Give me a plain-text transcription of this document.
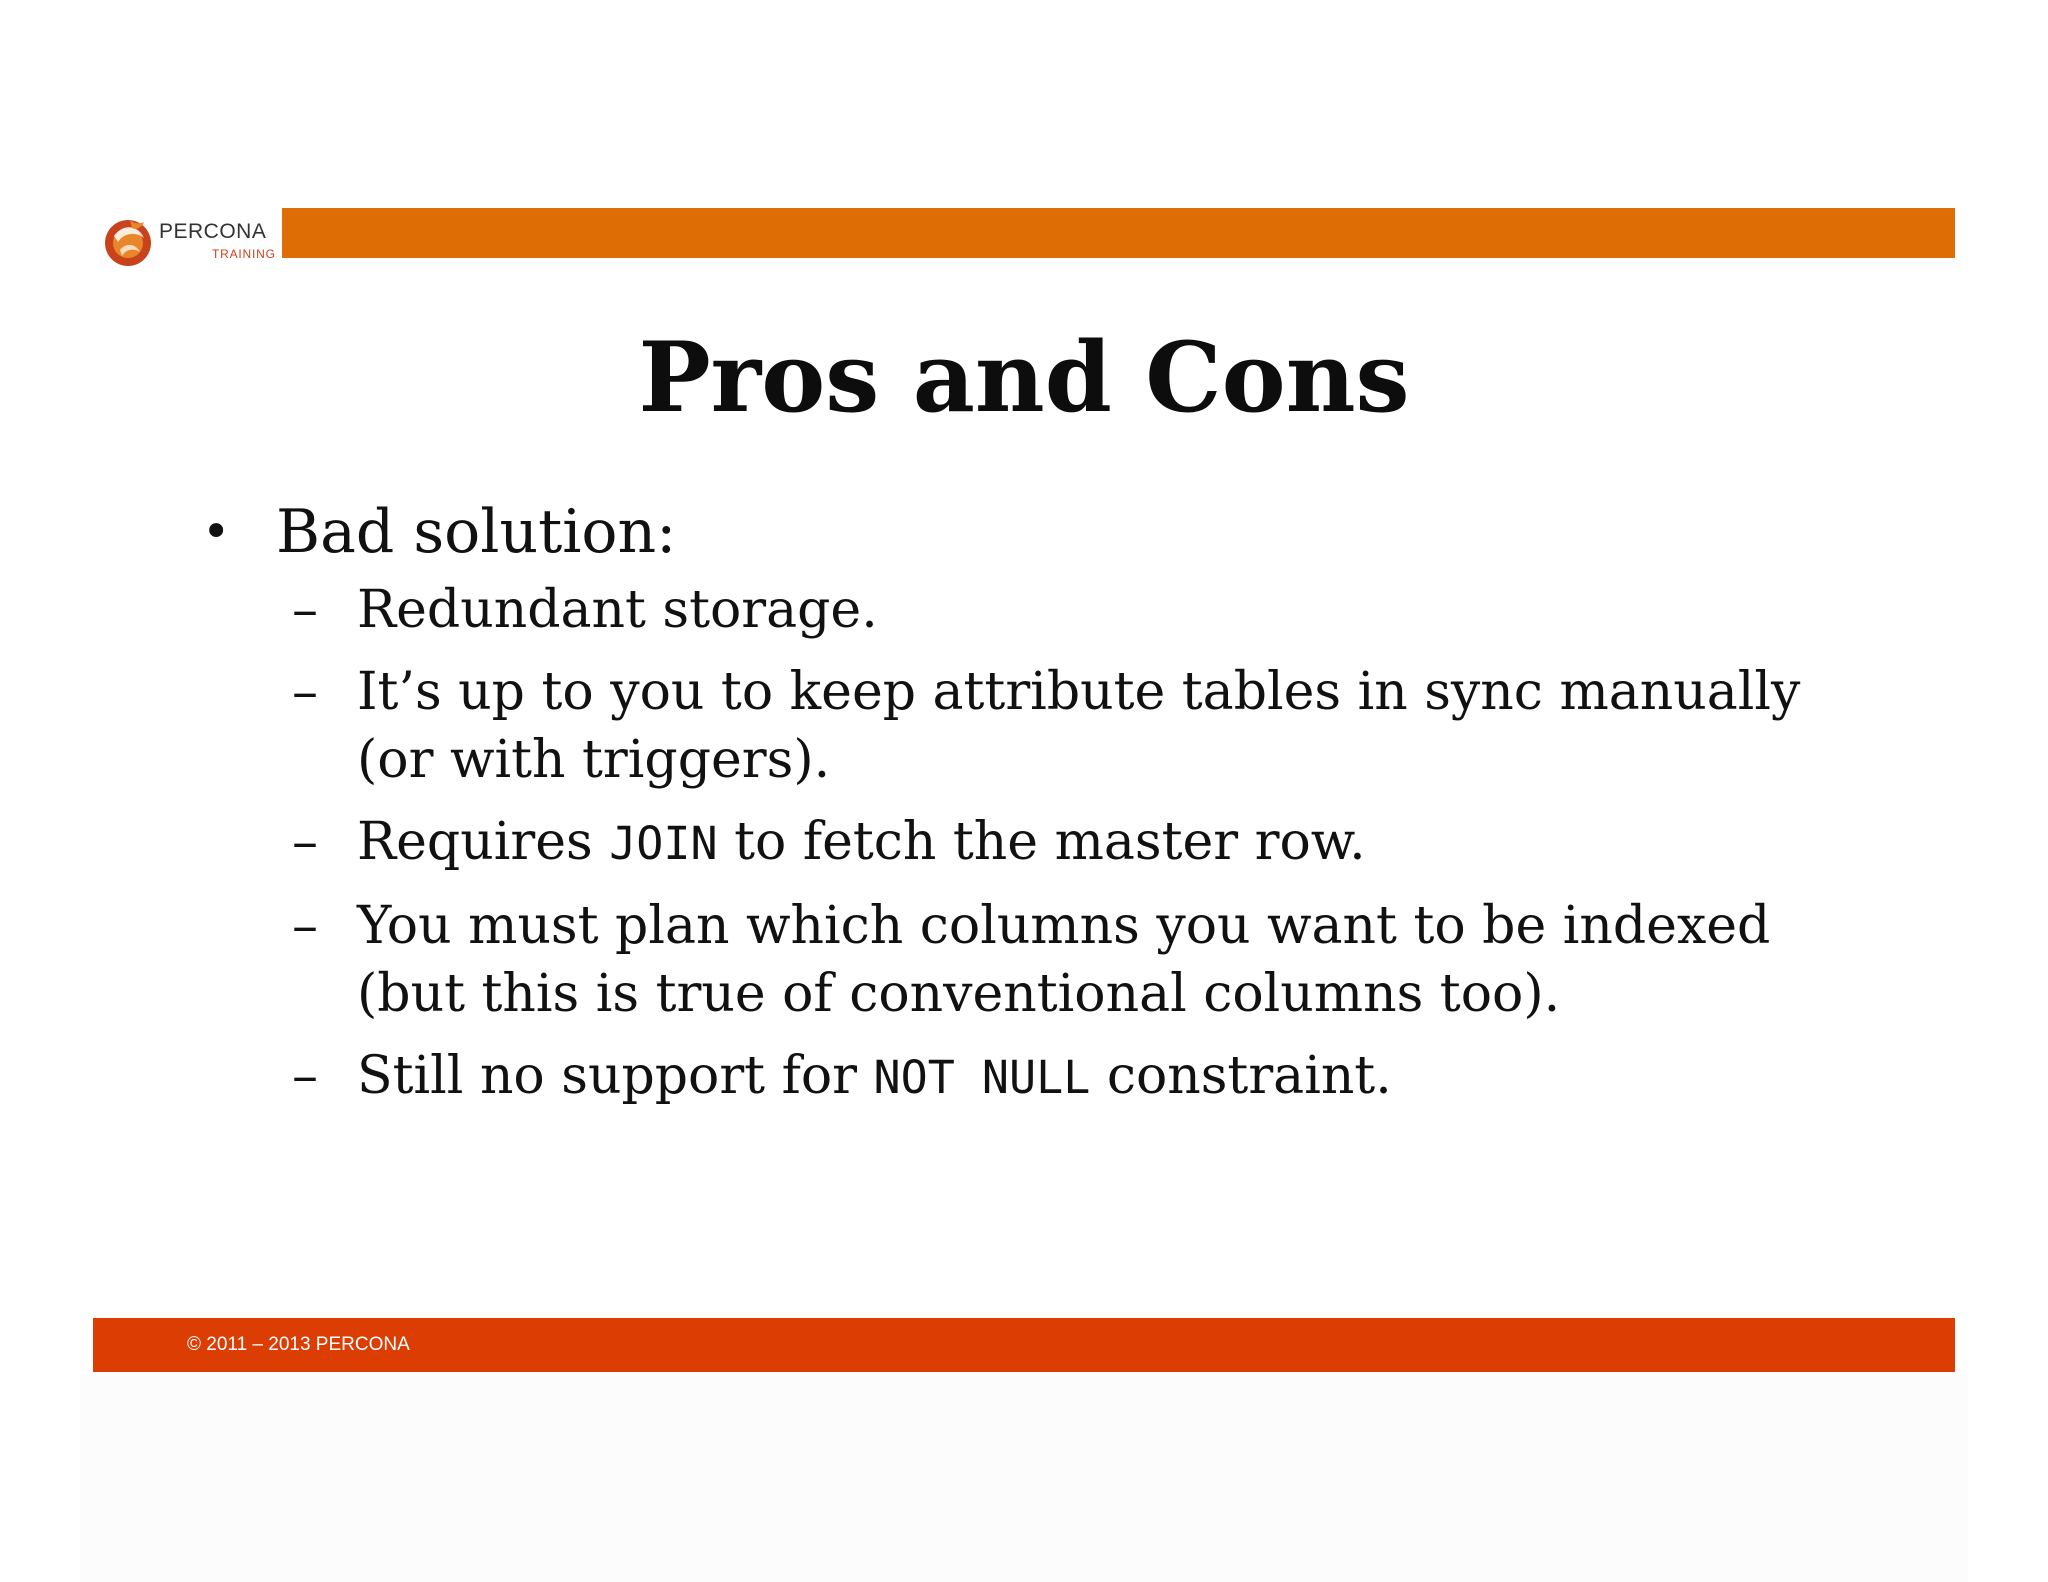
PERCONA
TRAINING
Pros and Cons
• Bad solution:
– Redundant storage.
– It’s up to you to keep attribute tables in sync manually
(or with triggers).
– Requires JOIN to fetch the master row.
– You must plan which columns you want to be indexed
(but this is true of conventional columns too).
– Still no support for NOT NULL constraint.
© 2011 – 2013 PERCONA
